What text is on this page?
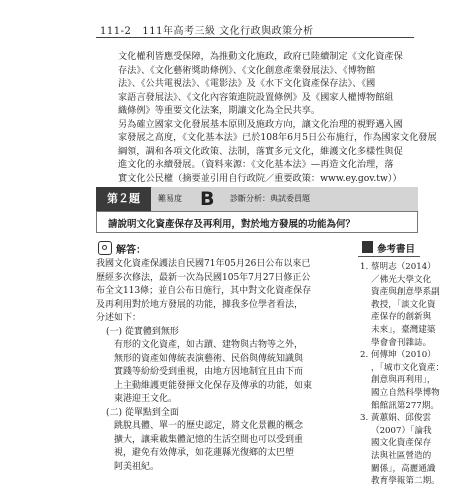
111-2 111年高考三級 文化行政與政策分析
文化權利皆應受保障，為推動文化施政，政府已陸續制定《文化資產保
存法》、《文化藝術獎助條例》、《文化創意產業發展法》、《博物館
法》、《公共電視法》、《電影法》及《水下文化資產保存法》、《國
家語言發展法》、《文化內容策進院設置條例》及《國家人權博物館組
織條例》等重要文化法案，期讓文化為全民共享。
另為確立國家文化發展基本原則及施政方向，讓文化治理的視野邁入國
家發展之高度，《文化基本法》已於108年6月5日公布施行，作為國家文化發展
綱領，調和各項文化政策、法制，落實多元文化，維護文化多樣性與促
進文化的永續發展。（資料來源：《文化基本法》—再造文化治理，落
實文化公民權（摘要並引用自行政院／重要政策：www.ey.gov.tw））
第２題	難易度 B 診斷分析：典試委員題
請說明文化資產保存及再利用，對於地方發展的功能為何？
解答：
我國文化資產保護法自民國71年05月26日公布以來已
歷經多次修法，最新一次為民國105年7月27日修正公
布全文113條；並自公布日施行，其中對文化資產保存
及再利用對於地方發展的功能，據我多位學者看法，
分述如下：
(一) 從實體到無形
有形的文化資產，如古蹟、建物與古物等之外，
無形的資產如傳統表演藝術、民俗與傳統知識與
實踐等紛紛受到重視，由地方因地制宜且由下而
上主動維護更能發揮文化保存及傳承的功能，如東
東港迎王文化。
(二) 從單點到全面
跳脫具體、單一的歷史認定，將文化景觀的概念
擴大，讓乘載集體記憶的生活空間也可以受到重
視，避免有效傳承，如花蓮縣光復鄉的太巴塱
阿美祖紀。
參考書目
1. 蔡明志（2014）
／佛光大學文化
資產與創意學系副
教授，「談文化資
產保存的創新與
未來」，臺灣建築
學會會刊雜誌。
2. 何傳坤（2010）
，「城市文化資產：
創意與再利用」，
國立自然科學博物
館館訊第277期。
3. 黃蕙娟、邱俊雲
（2007）「論我
國文化資產保存
法與社區營造的
關係」，高麗通識
教育學報第二期。
